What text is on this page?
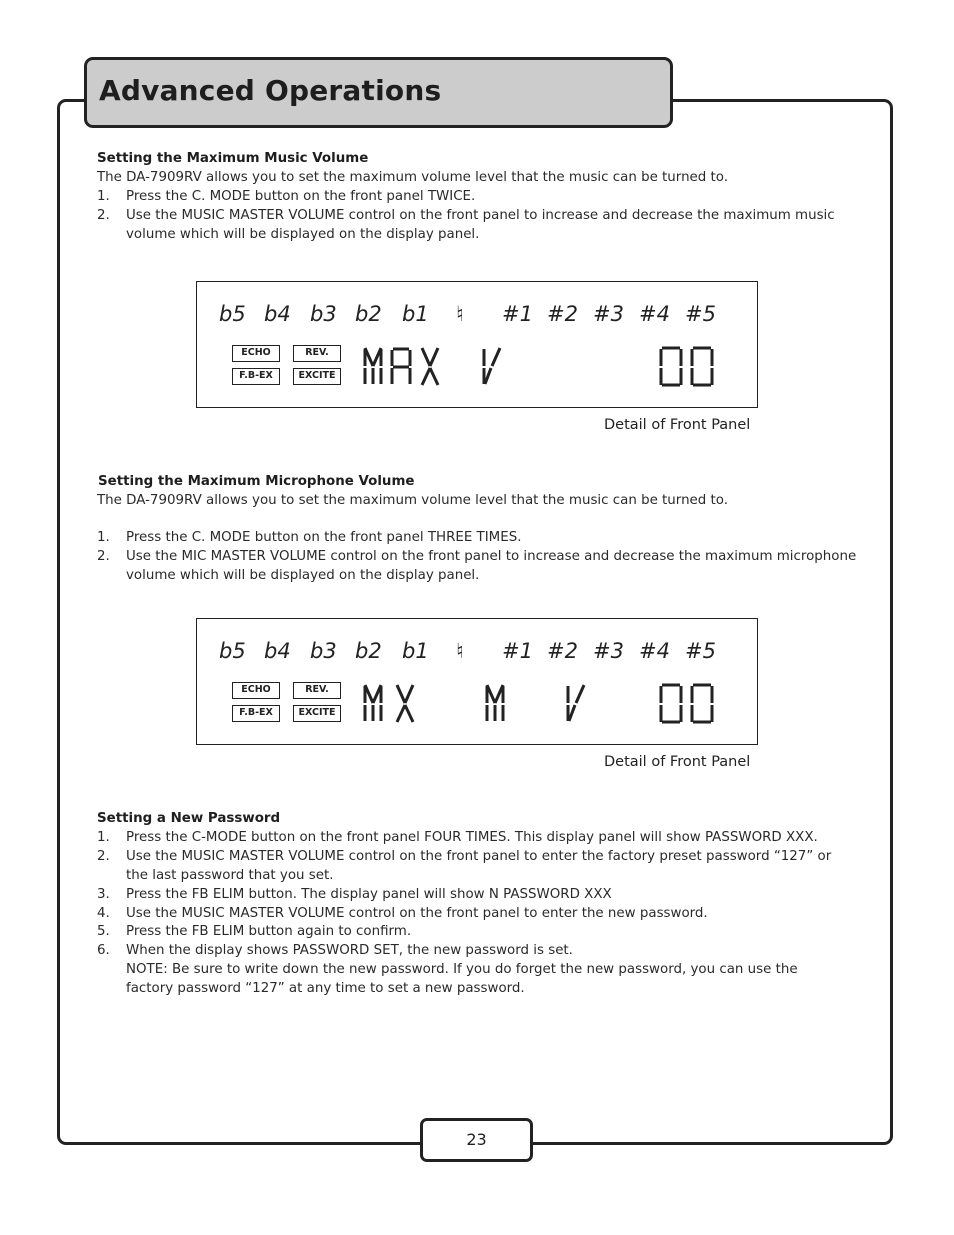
Advanced Operations
Setting the Maximum Music Volume

The DA-7909RV allows you to set the maximum volume level that the music can be turned to.

1. Press the C. MODE button on the front panel TWICE.
2. Use the MUSIC MASTER VOLUME control on the front panel to increase and decrease the maximum music volume which will be displayed on the display panel.
b5 b4 b3 b2 b1 ♮ #1 #2 #3 #4 #5
ECHO	REV.
F.B-EX	EXCITE
Detail of Front Panel
Setting the Maximum Microphone Volume

The DA-7909RV allows you to set the maximum volume level that the music can be turned to.

1. Press the C. MODE button on the front panel THREE TIMES.
2. Use the MIC MASTER VOLUME control on the front panel to increase and decrease the maximum microphone volume which will be displayed on the display panel.
b5 b4 b3 b2 b1 ♮ #1 #2 #3 #4 #5
ECHO	REV.
F.B-EX	EXCITE
Detail of Front Panel
Setting a New Password
1. Press the C-MODE button on the front panel FOUR TIMES. This display panel will show PASSWORD XXX.
2. Use the MUSIC MASTER VOLUME control on the front panel to enter the factory preset password “127” or the last password that you set.
3. Press the FB ELIM button. The display panel will show N PASSWORD XXX
4. Use the MUSIC MASTER VOLUME control on the front panel to enter the new password.
5. Press the FB ELIM button again to confirm.
6. When the display shows PASSWORD SET, the new password is set.
NOTE: Be sure to write down the new password. If you do forget the new password, you can use the factory password “127” at any time to set a new password.
23
